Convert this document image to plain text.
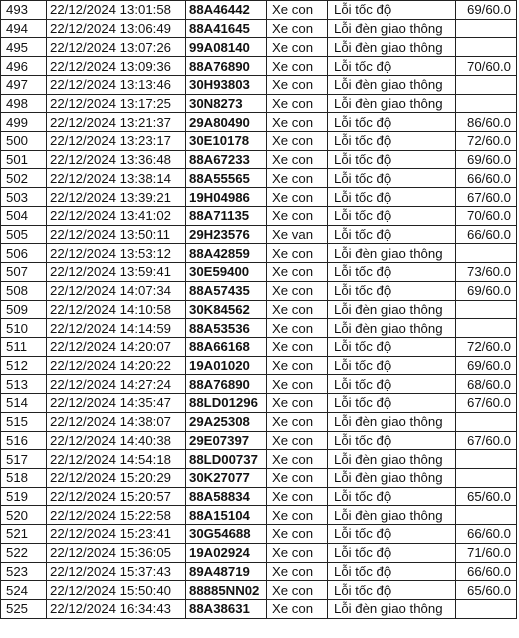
493	22/12/2024 13:01:58	88A46442	Xe con	Lỗi tốc độ	69/60.0
494	22/12/2024 13:06:49	88A41645	Xe con	Lỗi đèn giao thông	
495	22/12/2024 13:07:26	99A08140	Xe con	Lỗi đèn giao thông	
496	22/12/2024 13:09:36	88A76890	Xe con	Lỗi tốc độ	70/60.0
497	22/12/2024 13:13:46	30H93803	Xe con	Lỗi đèn giao thông	
498	22/12/2024 13:17:25	30N8273	Xe con	Lỗi đèn giao thông	
499	22/12/2024 13:21:37	29A80490	Xe con	Lỗi tốc độ	86/60.0
500	22/12/2024 13:23:17	30E10178	Xe con	Lỗi tốc độ	72/60.0
501	22/12/2024 13:36:48	88A67233	Xe con	Lỗi tốc độ	69/60.0
502	22/12/2024 13:38:14	88A55565	Xe con	Lỗi tốc độ	66/60.0
503	22/12/2024 13:39:21	19H04986	Xe con	Lỗi tốc độ	67/60.0
504	22/12/2024 13:41:02	88A71135	Xe con	Lỗi tốc độ	70/60.0
505	22/12/2024 13:50:11	29H23576	Xe van	Lỗi tốc độ	66/60.0
506	22/12/2024 13:53:12	88A42859	Xe con	Lỗi đèn giao thông	
507	22/12/2024 13:59:41	30E59400	Xe con	Lỗi tốc độ	73/60.0
508	22/12/2024 14:07:34	88A57435	Xe con	Lỗi tốc độ	69/60.0
509	22/12/2024 14:10:58	30K84562	Xe con	Lỗi đèn giao thông	
510	22/12/2024 14:14:59	88A53536	Xe con	Lỗi đèn giao thông	
511	22/12/2024 14:20:07	88A66168	Xe con	Lỗi tốc độ	72/60.0
512	22/12/2024 14:20:22	19A01020	Xe con	Lỗi tốc độ	69/60.0
513	22/12/2024 14:27:24	88A76890	Xe con	Lỗi tốc độ	68/60.0
514	22/12/2024 14:35:47	88LD01296	Xe con	Lỗi tốc độ	67/60.0
515	22/12/2024 14:38:07	29A25308	Xe con	Lỗi đèn giao thông	
516	22/12/2024 14:40:38	29E07397	Xe con	Lỗi tốc độ	67/60.0
517	22/12/2024 14:54:18	88LD00737	Xe con	Lỗi đèn giao thông	
518	22/12/2024 15:20:29	30K27077	Xe con	Lỗi đèn giao thông	
519	22/12/2024 15:20:57	88A58834	Xe con	Lỗi tốc độ	65/60.0
520	22/12/2024 15:22:58	88A15104	Xe con	Lỗi đèn giao thông	
521	22/12/2024 15:23:41	30G54688	Xe con	Lỗi tốc độ	66/60.0
522	22/12/2024 15:36:05	19A02924	Xe con	Lỗi tốc độ	71/60.0
523	22/12/2024 15:37:43	89A48719	Xe con	Lỗi tốc độ	66/60.0
524	22/12/2024 15:50:40	88885NN02	Xe con	Lỗi tốc độ	65/60.0
525	22/12/2024 16:34:43	88A38631	Xe con	Lỗi đèn giao thông	
